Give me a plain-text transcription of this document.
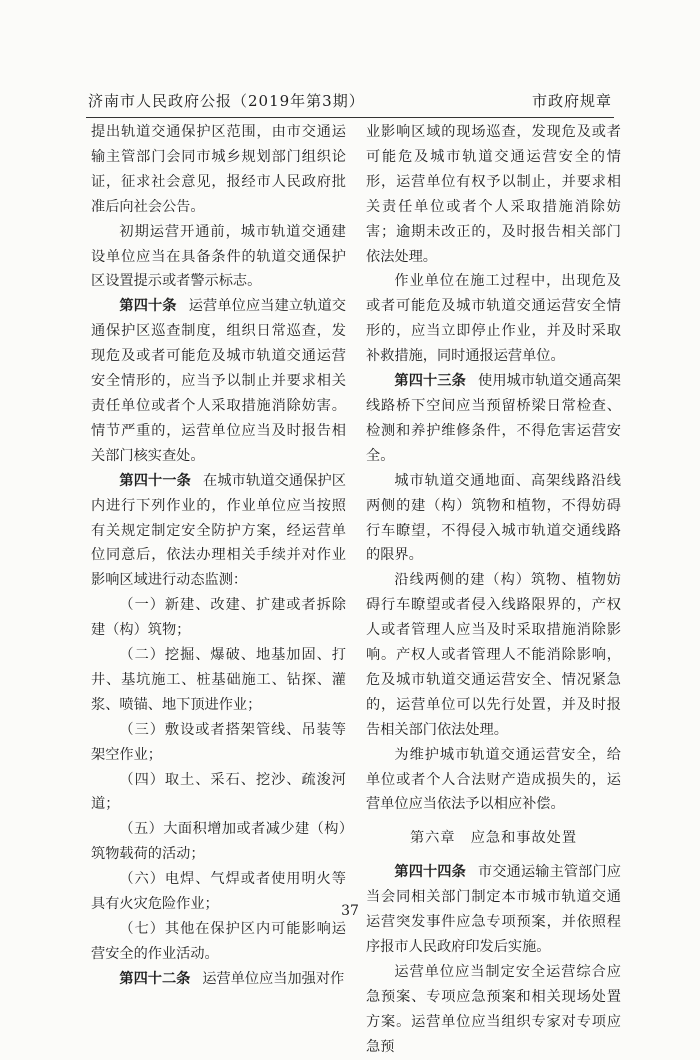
济南市人民政府公报（2019年第3期）	市政府规章

提出轨道交通保护区范围，由市交通运输主管部门会同市城乡规划部门组织论证，征求社会意见，报经市人民政府批准后向社会公告。

初期运营开通前，城市轨道交通建设单位应当在具备条件的轨道交通保护区设置提示或者警示标志。

第四十条 运营单位应当建立轨道交通保护区巡查制度，组织日常巡查，发现危及或者可能危及城市轨道交通运营安全情形的，应当予以制止并要求相关责任单位或者个人采取措施消除妨害。情节严重的，运营单位应当及时报告相关部门核实查处。

第四十一条 在城市轨道交通保护区内进行下列作业的，作业单位应当按照有关规定制定安全防护方案，经运营单位同意后，依法办理相关手续并对作业影响区域进行动态监测：

（一）新建、改建、扩建或者拆除建（构）筑物；

（二）挖掘、爆破、地基加固、打井、基坑施工、桩基础施工、钻探、灌浆、喷锚、地下顶进作业；

（三）敷设或者搭架管线、吊装等架空作业；

（四）取土、采石、挖沙、疏浚河道；

（五）大面积增加或者减少建（构）筑物载荷的活动；

（六）电焊、气焊或者使用明火等具有火灾危险作业；

（七）其他在保护区内可能影响运营安全的作业活动。

第四十二条 运营单位应当加强对作

业影响区域的现场巡查，发现危及或者可能危及城市轨道交通运营安全的情形，运营单位有权予以制止，并要求相关责任单位或者个人采取措施消除妨害；逾期未改正的，及时报告相关部门依法处理。

作业单位在施工过程中，出现危及或者可能危及城市轨道交通运营安全情形的，应当立即停止作业，并及时采取补救措施，同时通报运营单位。

第四十三条 使用城市轨道交通高架线路桥下空间应当预留桥梁日常检查、检测和养护维修条件，不得危害运营安全。

城市轨道交通地面、高架线路沿线两侧的建（构）筑物和植物，不得妨碍行车瞭望，不得侵入城市轨道交通线路的限界。

沿线两侧的建（构）筑物、植物妨碍行车瞭望或者侵入线路限界的，产权人或者管理人应当及时采取措施消除影响。产权人或者管理人不能消除影响，危及城市轨道交通运营安全、情况紧急的，运营单位可以先行处置，并及时报告相关部门依法处理。

为维护城市轨道交通运营安全，给单位或者个人合法财产造成损失的，运营单位应当依法予以相应补偿。

第六章　应急和事故处置

第四十四条 市交通运输主管部门应当会同相关部门制定本市城市轨道交通运营突发事件应急专项预案，并依照程序报市人民政府印发后实施。

运营单位应当制定安全运营综合应急预案、专项应急预案和相关现场处置方案。运营单位应当组织专家对专项应急预

37
